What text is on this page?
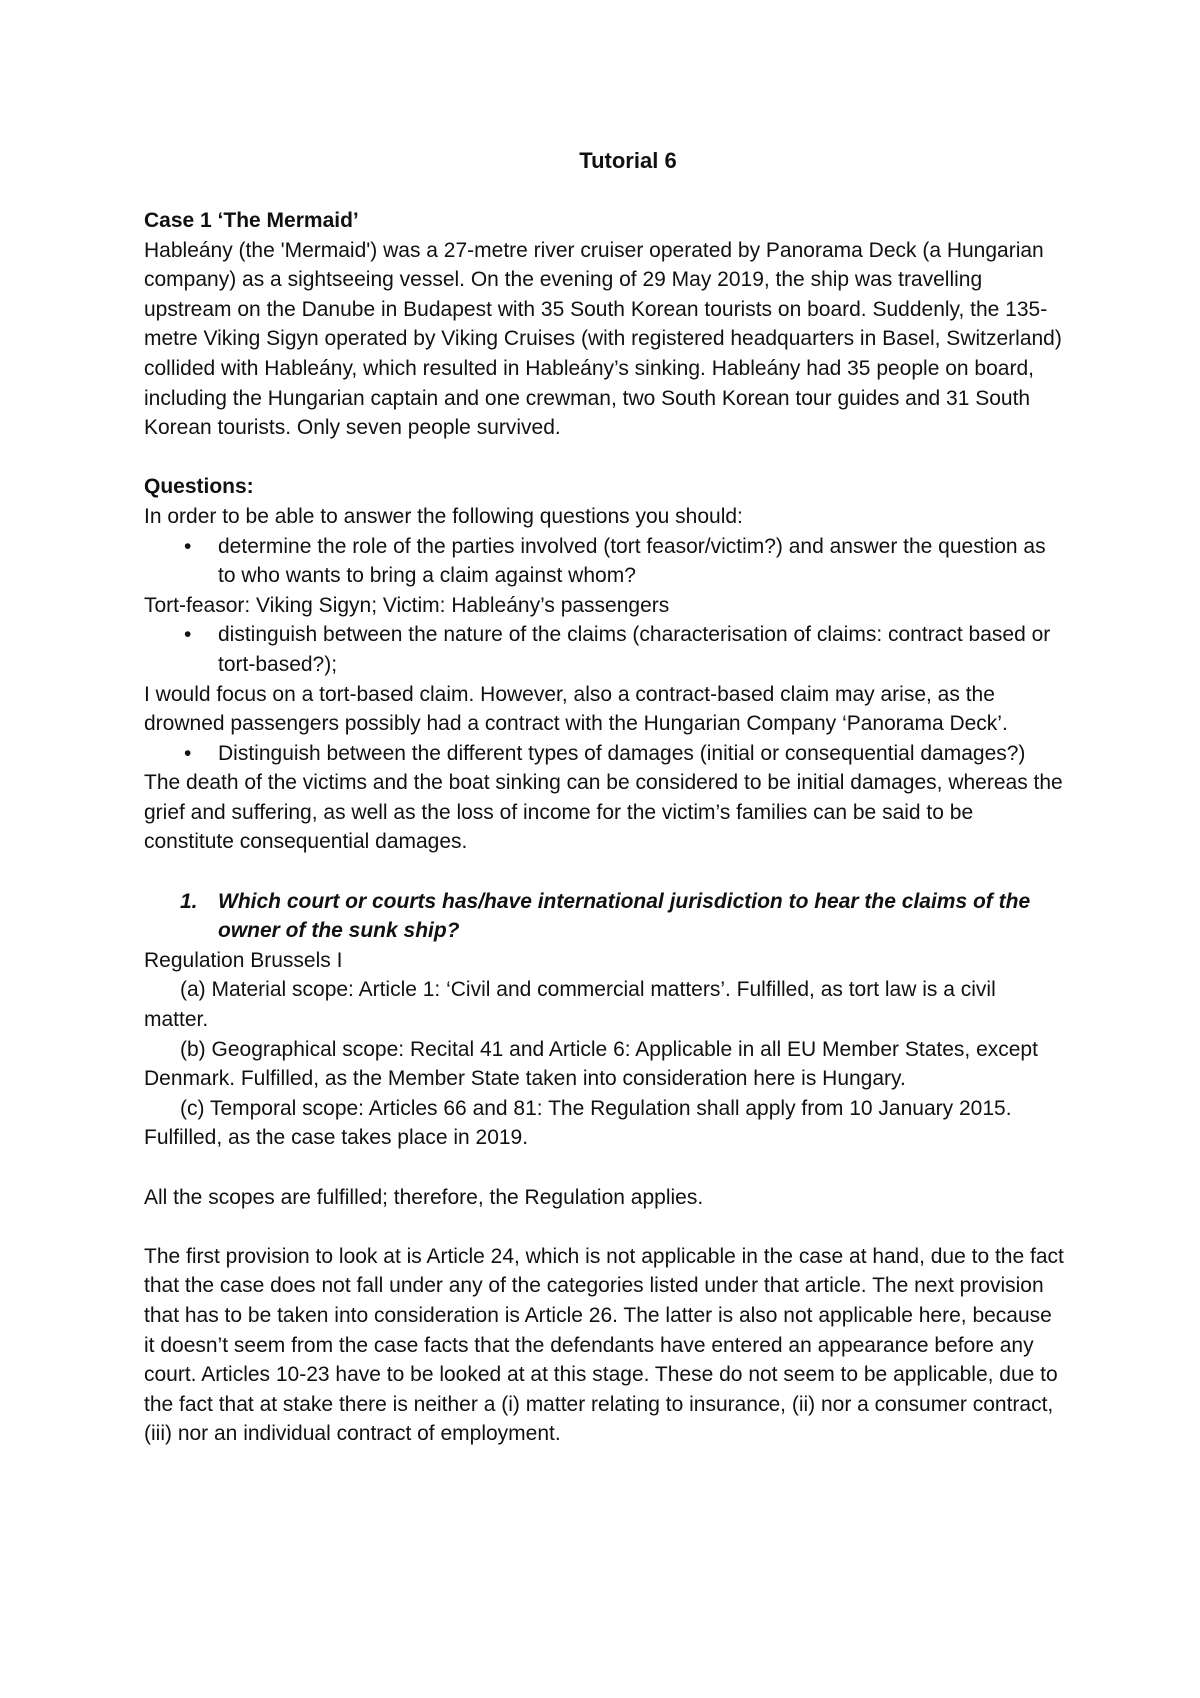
Tutorial 6

Case 1 ‘The Mermaid’

Hableány (the 'Mermaid') was a 27-metre river cruiser operated by Panorama Deck (a Hungarian company) as a sightseeing vessel. On the evening of 29 May 2019, the ship was travelling upstream on the Danube in Budapest with 35 South Korean tourists on board. Suddenly, the 135-metre Viking Sigyn operated by Viking Cruises (with registered headquarters in Basel, Switzerland) collided with Hableány, which resulted in Hableány’s sinking. Hableány had 35 people on board, including the Hungarian captain and one crewman, two South Korean tour guides and 31 South Korean tourists. Only seven people survived.

Questions:

In order to be able to answer the following questions you should:

• determine the role of the parties involved (tort feasor/victim?) and answer the question as to who wants to bring a claim against whom?

Tort-feasor: Viking Sigyn; Victim: Hableány’s passengers

• distinguish between the nature of the claims (characterisation of claims: contract based or tort-based?);

I would focus on a tort-based claim. However, also a contract-based claim may arise, as the drowned passengers possibly had a contract with the Hungarian Company ‘Panorama Deck’.

• Distinguish between the different types of damages (initial or consequential damages?)

The death of the victims and the boat sinking can be considered to be initial damages, whereas the grief and suffering, as well as the loss of income for the victim’s families can be said to be constitute consequential damages.

1. Which court or courts has/have international jurisdiction to hear the claims of the owner of the sunk ship?

Regulation Brussels I

(a) Material scope: Article 1: ‘Civil and commercial matters’. Fulfilled, as tort law is a civil matter.

(b) Geographical scope: Recital 41 and Article 6: Applicable in all EU Member States, except Denmark. Fulfilled, as the Member State taken into consideration here is Hungary.

(c) Temporal scope: Articles 66 and 81: The Regulation shall apply from 10 January 2015. Fulfilled, as the case takes place in 2019.

All the scopes are fulfilled; therefore, the Regulation applies.

The first provision to look at is Article 24, which is not applicable in the case at hand, due to the fact that the case does not fall under any of the categories listed under that article. The next provision that has to be taken into consideration is Article 26. The latter is also not applicable here, because it doesn’t seem from the case facts that the defendants have entered an appearance before any court. Articles 10-23 have to be looked at at this stage. These do not seem to be applicable, due to the fact that at stake there is neither a (i) matter relating to insurance, (ii) nor a consumer contract, (iii) nor an individual contract of employment.
